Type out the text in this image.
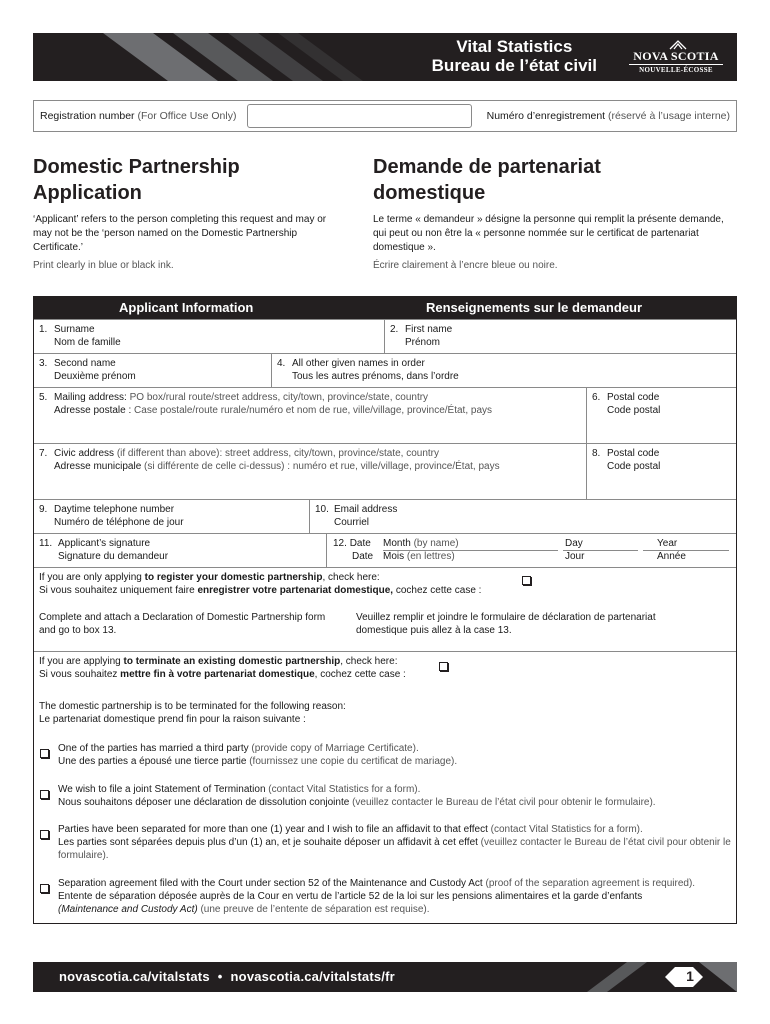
Vital Statistics
Bureau de l’état civil	NOVA SCOTIA
NOUVELLE-ÉCOSSE
Registration number (For Office Use Only)	Numéro d’enregistrement (réservé à l’usage interne)
Domestic Partnership Application
Demande de partenariat domestique

‘Applicant’ refers to the person completing this request and may or may not be the ‘person named on the Domestic Partnership Certificate.’

Print clearly in blue or black ink.

Le terme « demandeur » désigne la personne qui remplit la présente demande, qui peut ou non être la « personne nommée sur le certificat de partenariat domestique ».

Écrire clairement à l’encre bleue ou noire.

Applicant Information	Renseignements sur le demandeur
1. Surname
Nom de famille
2. First name
Prénom
3. Second name
Deuxième prénom
4. All other given names in order
Tous les autres prénoms, dans l’ordre
5. Mailing address: PO box/rural route/street address, city/town, province/state, country
Adresse postale : Case postale/route rurale/numéro et nom de rue, ville/village, province/État, pays
6. Postal code
Code postal
7. Civic address (if different than above): street address, city/town, province/state, country
Adresse municipale (si différente de celle ci-dessus) : numéro et rue, ville/village, province/État, pays
8. Postal code
Code postal
9. Daytime telephone number
Numéro de téléphone de jour
10. Email address
Courriel
11. Applicant’s signature
Signature du demandeur
12. Date
Date
Month (by name)
Mois (en lettres)
Day
Jour
Year
Année
If you are only applying to register your domestic partnership, check here:
Si vous souhaitez uniquement faire enregistrer votre partenariat domestique, cochez cette case :
Complete and attach a Declaration of Domestic Partnership form and go to box 13.
Veuillez remplir et joindre le formulaire de déclaration de partenariat domestique puis allez à la case 13.
If you are applying to terminate an existing domestic partnership, check here:
Si vous souhaitez mettre fin à votre partenariat domestique, cochez cette case :
The domestic partnership is to be terminated for the following reason:
Le partenariat domestique prend fin pour la raison suivante :
One of the parties has married a third party (provide copy of Marriage Certificate).
Une des parties a épousé une tierce partie (fournissez une copie du certificat de mariage).
We wish to file a joint Statement of Termination (contact Vital Statistics for a form).
Nous souhaitons déposer une déclaration de dissolution conjointe (veuillez contacter le Bureau de l’état civil pour obtenir le formulaire).
Parties have been separated for more than one (1) year and I wish to file an affidavit to that effect (contact Vital Statistics for a form).
Les parties sont séparées depuis plus d’un (1) an, et je souhaite déposer un affidavit à cet effet (veuillez contacter le Bureau de l’état civil pour obtenir le formulaire).
Separation agreement filed with the Court under section 52 of the Maintenance and Custody Act (proof of the separation agreement is required).
Entente de séparation déposée auprès de la Cour en vertu de l’article 52 de la loi sur les pensions alimentaires et la garde d’enfants
(Maintenance and Custody Act) (une preuve de l’entente de séparation est requise).
novascotia.ca/vitalstats • novascotia.ca/vitalstats/fr	1
